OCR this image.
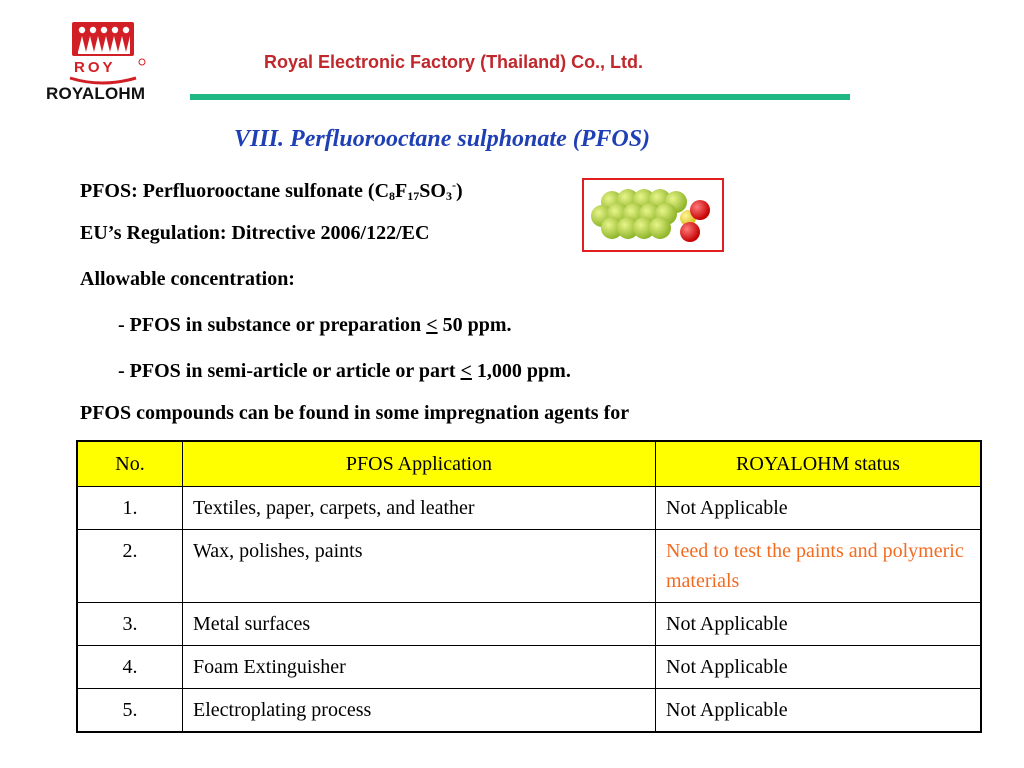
ROY
ROYALOHM
Royal Electronic Factory (Thailand) Co., Ltd.
VIII. Perfluorooctane sulphonate (PFOS)
PFOS: Perfluorooctane sulfonate $(C_8F_{17}SO_3^-)$
EU’s Regulation: Ditrective 2006/122/EC
Allowable concentration:
- PFOS in substance or preparation < 50 ppm.
- PFOS in semi-article or article or part < 1,000 ppm.
PFOS compounds can be found in some impregnation agents for
No.	PFOS Application	ROYALOHM status
1.	Textiles, paper, carpets, and leather	Not Applicable
2.	Wax, polishes, paints	Need to test the paints and polymeric materials
3.	Metal surfaces	Not Applicable
4.	Foam Extinguisher	Not Applicable
5.	Electroplating process	Not Applicable
